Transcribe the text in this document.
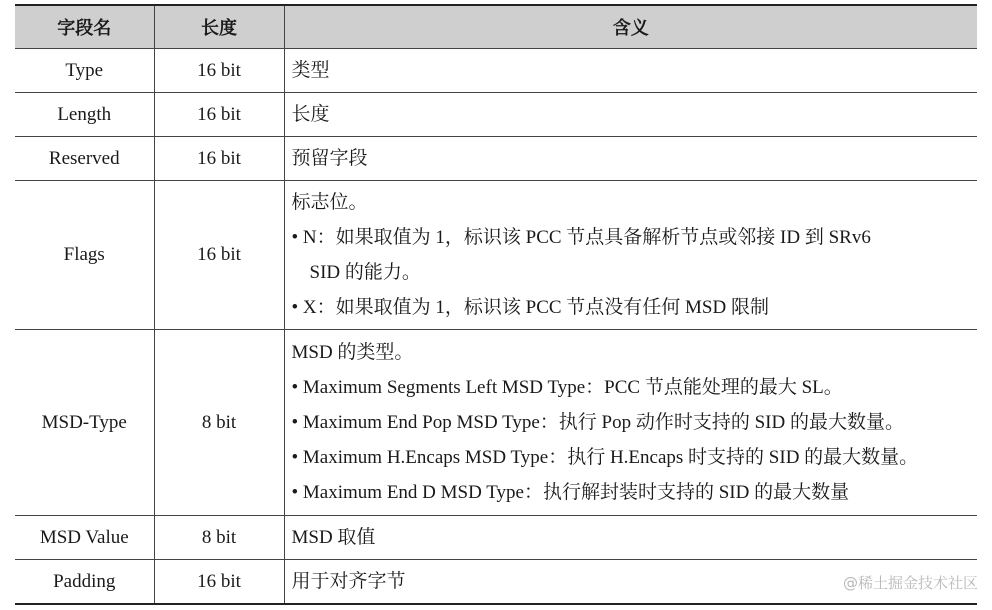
字段名	长度	含义
Type	16 bit	类型

Length	16 bit	长度

Reserved	16 bit	预留字段

Flags	16 bit	标志位。
• N：如果取值为 1，标识该 PCC 节点具备解析节点或邻接 ID 到 SRv6
SID 的能力。
• X：如果取值为 1，标识该 PCC 节点没有任何 MSD 限制

MSD-Type	8 bit	MSD 的类型。
• Maximum Segments Left MSD Type：PCC 节点能处理的最大 SL。
• Maximum End Pop MSD Type：执行 Pop 动作时支持的 SID 的最大数量。
• Maximum H.Encaps MSD Type：执行 H.Encaps 时支持的 SID 的最大数量。
• Maximum End D MSD Type：执行解封装时支持的 SID 的最大数量

MSD Value	8 bit	MSD 取值

Padding	16 bit	用于对齐字节	@稀土掘金技术社区
